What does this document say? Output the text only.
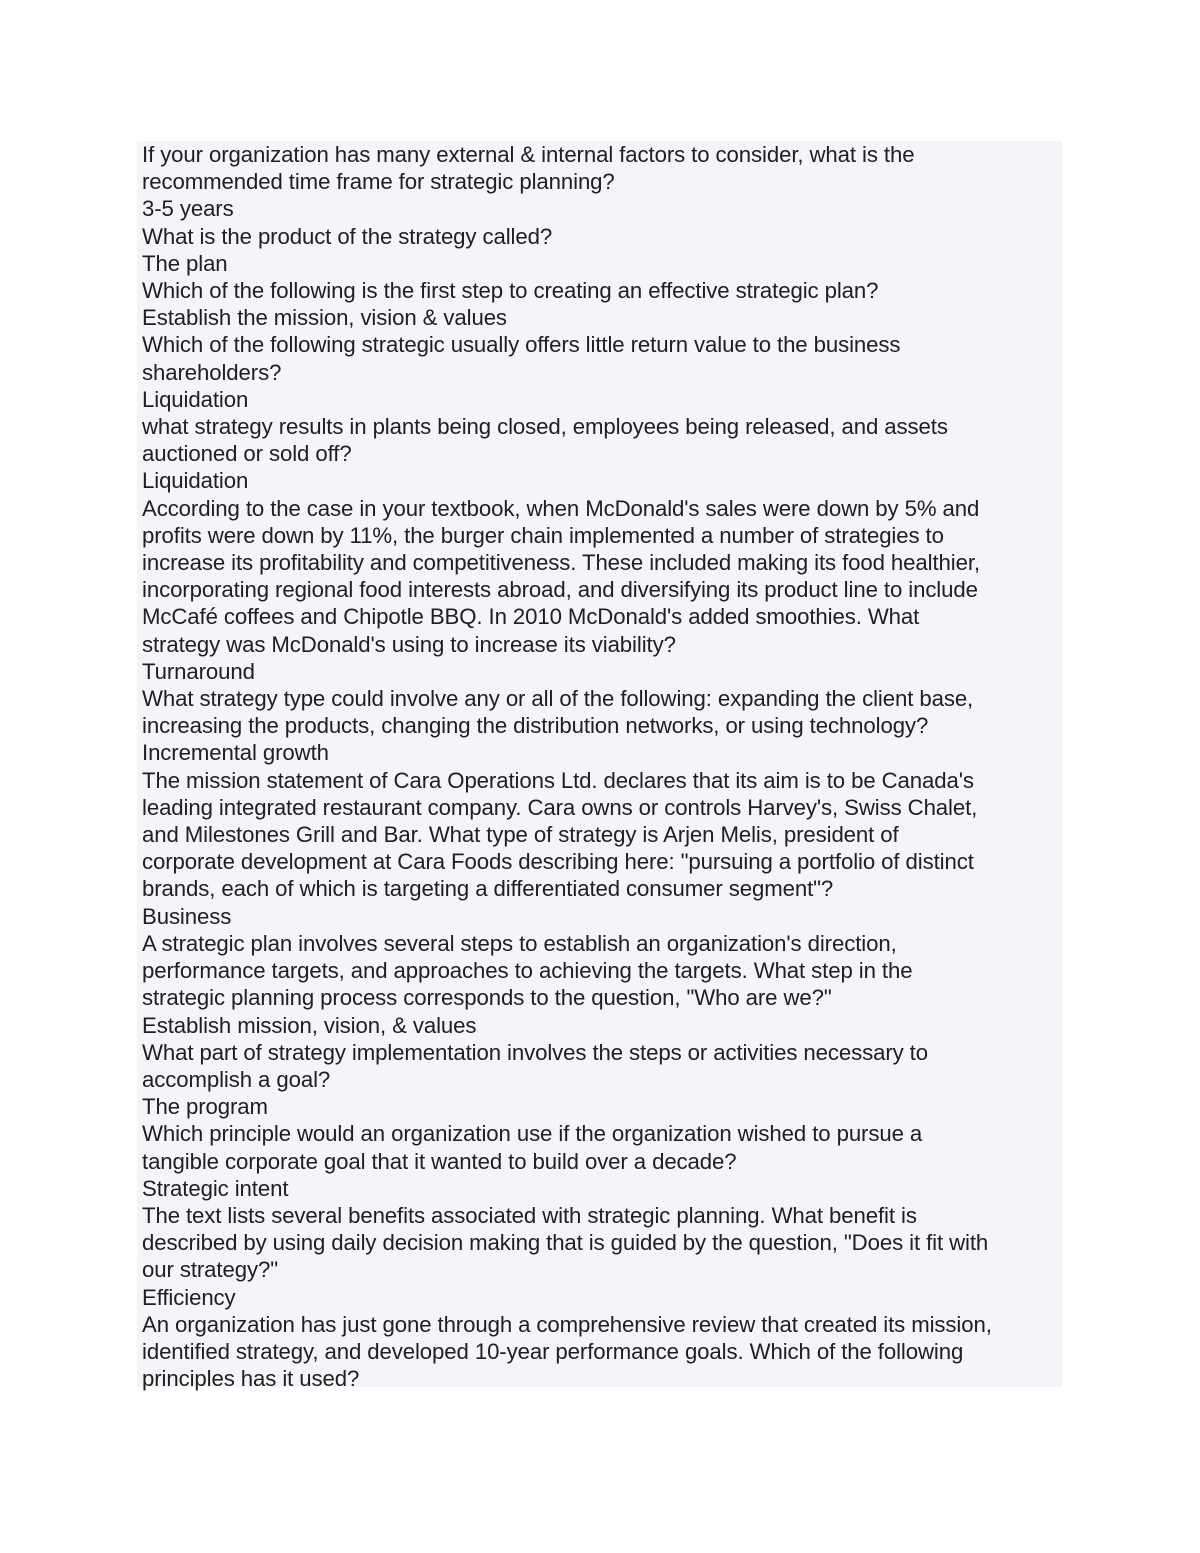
If your organization has many external & internal factors to consider, what is the

recommended time frame for strategic planning?

3-5 years

What is the product of the strategy called?

The plan

Which of the following is the first step to creating an effective strategic plan?

Establish the mission, vision & values

Which of the following strategic usually offers little return value to the business

shareholders?

Liquidation

what strategy results in plants being closed, employees being released, and assets

auctioned or sold off?

Liquidation

According to the case in your textbook, when McDonald's sales were down by 5% and

profits were down by 11%, the burger chain implemented a number of strategies to

increase its profitability and competitiveness. These included making its food healthier,

incorporating regional food interests abroad, and diversifying its product line to include

McCafé coffees and Chipotle BBQ. In 2010 McDonald's added smoothies. What

strategy was McDonald's using to increase its viability?

Turnaround

What strategy type could involve any or all of the following: expanding the client base,

increasing the products, changing the distribution networks, or using technology?

Incremental growth

The mission statement of Cara Operations Ltd. declares that its aim is to be Canada's

leading integrated restaurant company. Cara owns or controls Harvey's, Swiss Chalet,

and Milestones Grill and Bar. What type of strategy is Arjen Melis, president of

corporate development at Cara Foods describing here: "pursuing a portfolio of distinct

brands, each of which is targeting a differentiated consumer segment"?

Business

A strategic plan involves several steps to establish an organization's direction,

performance targets, and approaches to achieving the targets. What step in the

strategic planning process corresponds to the question, "Who are we?"

Establish mission, vision, & values

What part of strategy implementation involves the steps or activities necessary to

accomplish a goal?

The program

Which principle would an organization use if the organization wished to pursue a

tangible corporate goal that it wanted to build over a decade?

Strategic intent

The text lists several benefits associated with strategic planning. What benefit is

described by using daily decision making that is guided by the question, "Does it fit with

our strategy?"

Efficiency

An organization has just gone through a comprehensive review that created its mission,

identified strategy, and developed 10-year performance goals. Which of the following

principles has it used?
